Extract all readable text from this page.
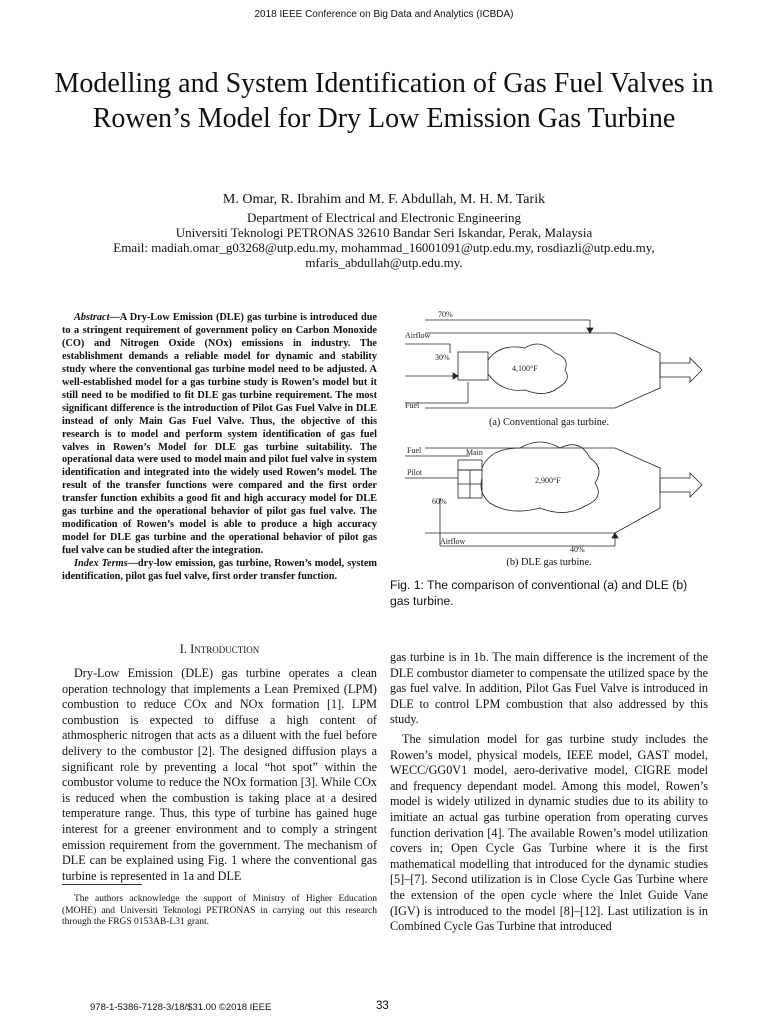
2018 IEEE Conference on Big Data and Analytics (ICBDA)
Modelling and System Identification of Gas Fuel Valves in Rowen’s Model for Dry Low Emission Gas Turbine
M. Omar, R. Ibrahim and M. F. Abdullah, M. H. M. Tarik
Department of Electrical and Electronic Engineering
Universiti Teknologi PETRONAS 32610 Bandar Seri Iskandar, Perak, Malaysia
Email: madiah.omar_g03268@utp.edu.my, mohammad_16001091@utp.edu.my, rosdiazli@utp.edu.my,
mfaris_abdullah@utp.edu.my.
Abstract—A Dry-Low Emission (DLE) gas turbine is introduced due to a stringent requirement of government policy on Carbon Monoxide (CO) and Nitrogen Oxide (NOx) emissions in industry. The establishment demands a reliable model for dynamic and stability study where the conventional gas turbine model need to be adjusted. A well-established model for a gas turbine study is Rowen’s model but it still need to be modified to fit DLE gas turbine requirement. The most significant difference is the introduction of Pilot Gas Fuel Valve in DLE instead of only Main Gas Fuel Valve. Thus, the objective of this research is to model and perform system identification of gas fuel valves in Rowen’s Model for DLE gas turbine suitability. The operational data were used to model main and pilot fuel valve in system identification and integrated into the widely used Rowen’s model. The result of the transfer functions were compared and the first order transfer function exhibits a good fit and high accuracy model for DLE gas turbine and the operational behavior of pilot gas fuel valve. The modification of Rowen’s model is able to produce a high accuracy model for DLE gas turbine and the operational behavior of pilot gas fuel valve can be studied after the integration.
Index Terms—dry-low emission, gas turbine, Rowen’s model, system identification, pilot gas fuel valve, first order transfer function.
I. Introduction

Dry-Low Emission (DLE) gas turbine operates a clean operation technology that implements a Lean Premixed (LPM) combustion to reduce COx and NOx formation [1]. LPM combustion is expected to diffuse a high content of athmospheric nitrogen that acts as a diluent with the fuel before delivery to the combustor [2]. The designed diffusion plays a significant role by preventing a local “hot spot” within the combustor volume to reduce the NOx formation [3]. While COx is reduced when the combustion is taking place at a desired temperature range. Thus, this type of turbine has gained huge interest for a greener environment and to comply a stringent emission requirement from the government. The mechanism of DLE can be explained using Fig. 1 where the conventional gas turbine is represented in 1a and DLE

The authors acknowledge the support of Ministry of Higher Education (MOHE) and Universiti Teknologi PETRONAS in carrying out this research through the FRGS 0153AB-L31 grant.

70%
Airflow
30%
4,100°F
Fuel
Fuel	Main
Pilot
2,900°F
60%
Airflow
40%
(a) Conventional gas turbine.
(b) DLE gas turbine.
Fig. 1: The comparison of conventional (a) and DLE (b) gas turbine.

gas turbine is in 1b. The main difference is the increment of the DLE combustor diameter to compensate the utilized space by the gas fuel valve. In addition, Pilot Gas Fuel Valve is introduced in DLE to control LPM combustion that also addressed by this study.

The simulation model for gas turbine study includes the Rowen’s model, physical models, IEEE model, GAST model, WECC/GG0V1 model, aero-derivative model, CIGRE model and frequency dependant model. Among this model, Rowen’s model is widely utilized in dynamic studies due to its ability to imitiate an actual gas turbine operation from operating curves function derivation [4]. The available Rowen’s model utilization covers in; Open Cycle Gas Turbine where it is the first mathematical modelling that introduced for the dynamic studies [5]–[7]. Second utilization is in Close Cycle Gas Turbine where the extension of the open cycle where the Inlet Guide Vane (IGV) is introduced to the model [8]–[12]. Last utilization is in Combined Cycle Gas Turbine that introduced

978-1-5386-7128-3/18/$31.00 ©2018 IEEE	33
